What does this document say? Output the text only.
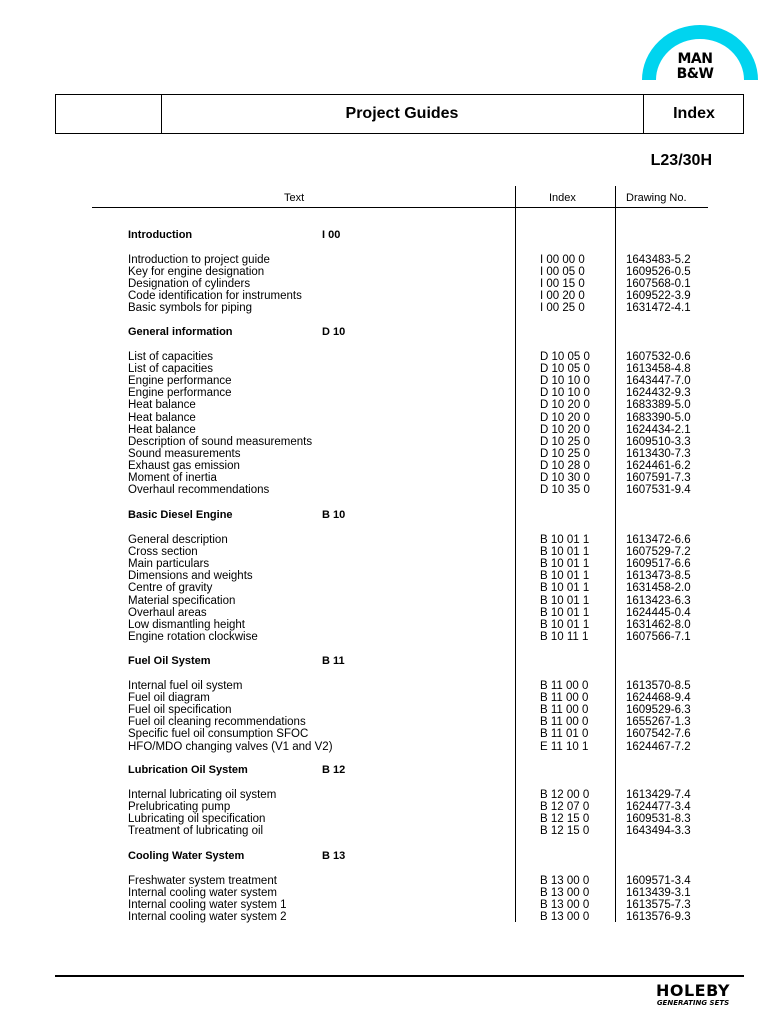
MAN
B&W
Project Guides	Index
L23/30H
Text	Index	Drawing No.
Introduction	I 00
Introduction to project guide	I 00 00 0	1643483-5.2
Key for engine designation	I 00 05 0	1609526-0.5
Designation of cylinders	I 00 15 0	1607568-0.1
Code identification for instruments	I 00 20 0	1609522-3.9
Basic symbols for piping	I 00 25 0	1631472-4.1
General information	D 10
List of capacities	D 10 05 0	1607532-0.6
List of capacities	D 10 05 0	1613458-4.8
Engine performance	D 10 10 0	1643447-7.0
Engine performance	D 10 10 0	1624432-9.3
Heat balance	D 10 20 0	1683389-5.0
Heat balance	D 10 20 0	1683390-5.0
Heat balance	D 10 20 0	1624434-2.1
Description of sound measurements	D 10 25 0	1609510-3.3
Sound measurements	D 10 25 0	1613430-7.3
Exhaust gas emission	D 10 28 0	1624461-6.2
Moment of inertia	D 10 30 0	1607591-7.3
Overhaul recommendations	D 10 35 0	1607531-9.4
Basic Diesel Engine	B 10
General description	B 10 01 1	1613472-6.6
Cross section	B 10 01 1	1607529-7.2
Main particulars	B 10 01 1	1609517-6.6
Dimensions and weights	B 10 01 1	1613473-8.5
Centre of gravity	B 10 01 1	1631458-2.0
Material specification	B 10 01 1	1613423-6.3
Overhaul areas	B 10 01 1	1624445-0.4
Low dismantling height	B 10 01 1	1631462-8.0
Engine rotation clockwise	B 10 11 1	1607566-7.1
Fuel Oil System	B 11
Internal fuel oil system	B 11 00 0	1613570-8.5
Fuel oil diagram	B 11 00 0	1624468-9.4
Fuel oil specification	B 11 00 0	1609529-6.3
Fuel oil cleaning recommendations	B 11 00 0	1655267-1.3
Specific fuel oil consumption SFOC	B 11 01 0	1607542-7.6
HFO/MDO changing valves (V1 and V2)	E 11 10 1	1624467-7.2
Lubrication Oil System	B 12
Internal lubricating oil system	B 12 00 0	1613429-7.4
Prelubricating pump	B 12 07 0	1624477-3.4
Lubricating oil specification	B 12 15 0	1609531-8.3
Treatment of lubricating oil	B 12 15 0	1643494-3.3
Cooling Water System	B 13
Freshwater system treatment	B 13 00 0	1609571-3.4
Internal cooling water system	B 13 00 0	1613439-3.1
Internal cooling water system 1	B 13 00 0	1613575-7.3
Internal cooling water system 2	B 13 00 0	1613576-9.3
HOLEBY
GENERATING SETS
